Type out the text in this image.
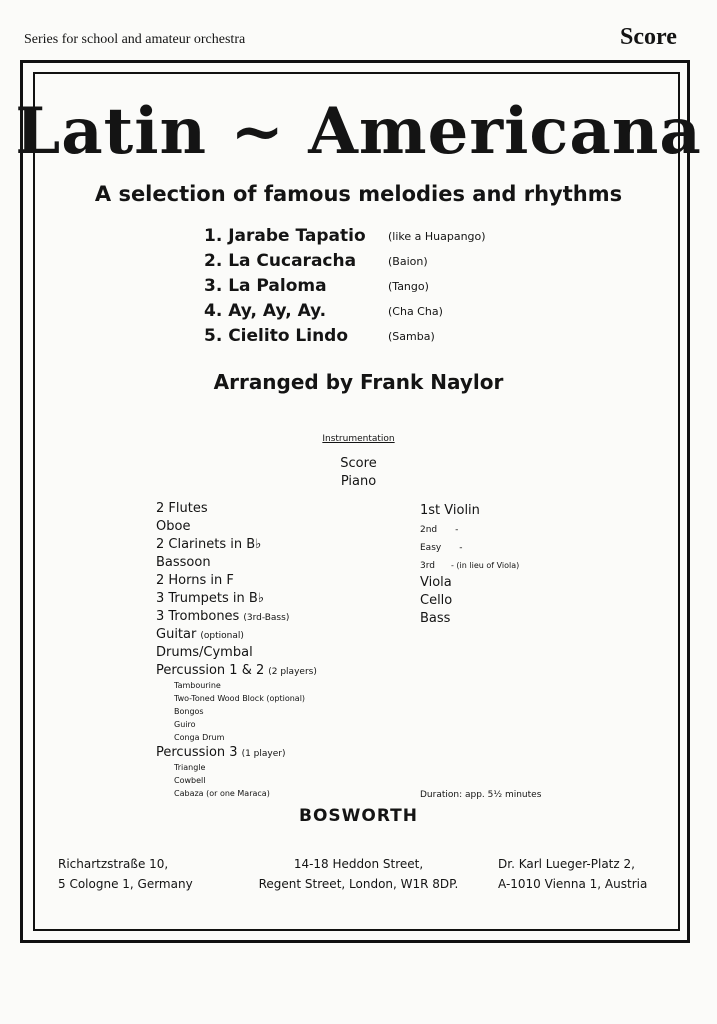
Series for school and amateur orchestra	Score
Latin ~ Americana
A selection of famous melodies and rhythms
1. Jarabe Tapatio (like a Huapango)
2. La Cucaracha	(Baion)
3. La Paloma	(Tango)
4. Ay, Ay, Ay.	(Cha Cha)
5. Cielito Lindo	(Samba)
Arranged by Frank Naylor
Instrumentation
Score
Piano
2 Flutes
Oboe
2 Clarinets in B♭
Bassoon
2 Horns in F
3 Trumpets in B♭
3 Trombones (3rd-Bass)
Guitar (optional)
Drums/Cymbal
Percussion 1 & 2 (2 players)
Tambourine
Two-Toned Wood Block (optional)
Bongos
Guiro
Conga Drum
Percussion 3 (1 player)
Triangle
Cowbell
Cabaza (or one Maraca)
1st Violin
2nd -
Easy -
3rd - (in lieu of Viola)
Viola
Cello
Bass
Duration: app. 5½ minutes
BOSWORTH
Richartzstraße 10,
5 Cologne 1, Germany
14-18 Heddon Street,
Regent Street, London, W1R 8DP.
Dr. Karl Lueger-Platz 2,
A-1010 Vienna 1, Austria
